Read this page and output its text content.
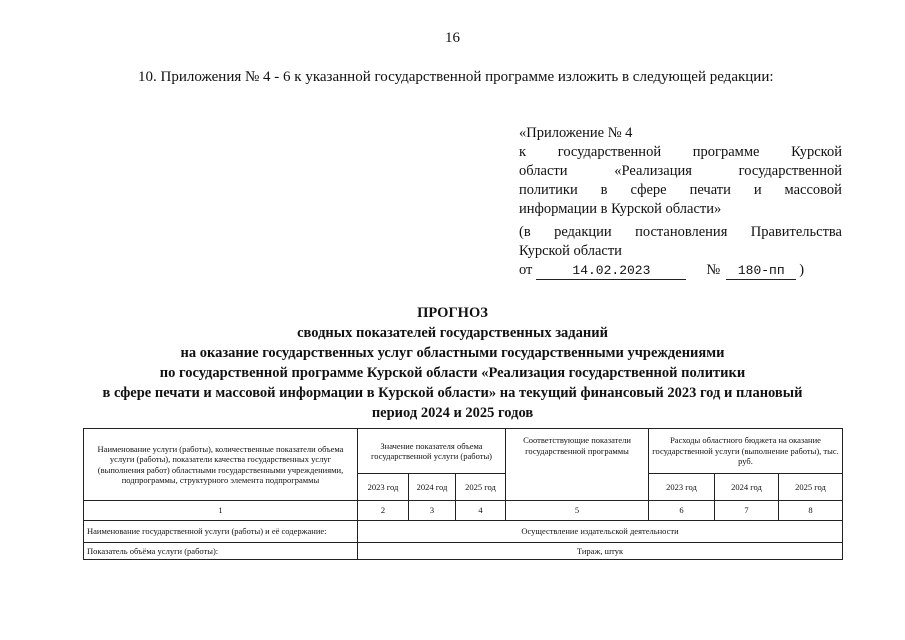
16
10. Приложения № 4 - 6 к указанной государственной программе изложить в следующей редакции:
«Приложение № 4
к государственной программе Курской
области	«Реализация	государственной
политики в сфере печати и массовой
информации в Курской области»
(в редакции постановления Правительства
Курской области
от	14.02.2023	№	180-пп	)
ПРОГНОЗ
сводных показателей государственных заданий
на оказание государственных услуг областными государственными учреждениями
по государственной программе Курской области «Реализация государственной политики
в сфере печати и массовой информации в Курской области» на текущий финансовый 2023 год и плановый
период 2024 и 2025 годов
Наименование услуги (работы), количественные показатели объема услуги (работы), показатели качества государственных услуг (выполнения работ) областными государственными учреждениями, подпрограммы, структурного элемента подпрограммы	Значение показателя объема государственной услуги (работы)			Соответствующие показатели государственной программы	Расходы областного бюджета на оказание государственной услуги (выполнение работы), тыс. руб.		
	2023 год	2024 год	2025 год		2023 год	2024 год	2025 год
1	2	3	4	5	6	7	8
Наименование государственной услуги (работы) и её содержание:	Осуществление издательской деятельности						
Показатель объёма услуги (работы):	Тираж, штук						
